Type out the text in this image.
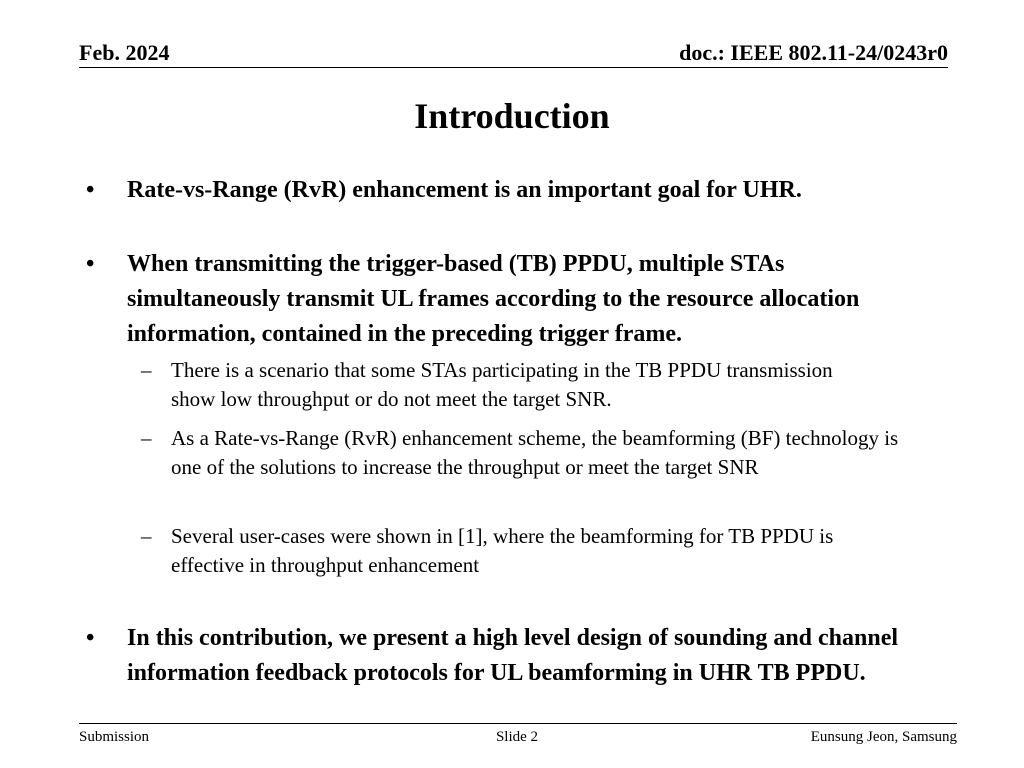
Feb. 2024	doc.: IEEE 802.11-24/0243r0
Introduction
• Rate-vs-Range (RvR) enhancement is an important goal for UHR.
• When transmitting the trigger-based (TB) PPDU, multiple STAs simultaneously transmit UL frames according to the resource allocation information, contained in the preceding trigger frame.
– There is a scenario that some STAs participating in the TB PPDU transmission show low throughput or do not meet the target SNR.
– As a Rate-vs-Range (RvR) enhancement scheme, the beamforming (BF) technology is one of the solutions to increase the throughput or meet the target SNR
– Several user-cases were shown in [1], where the beamforming for TB PPDU is effective in throughput enhancement
• In this contribution, we present a high level design of sounding and channel information feedback protocols for UL beamforming in UHR TB PPDU.
Submission	Slide 2	Eunsung Jeon, Samsung
